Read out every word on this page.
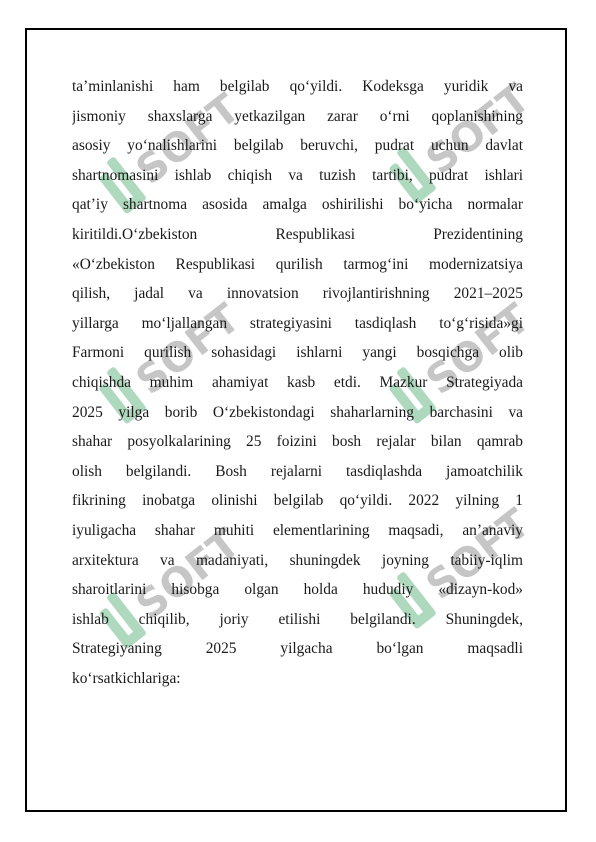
SOFT	SOFT
SOFT	SOFT
SOFT	SOFT
ta’minlanishi ham belgilab qo‘yildi. Kodeksga yuridik va
jismoniy shaxslarga yetkazilgan zarar o‘rni qoplanishining
asosiy yo‘nalishlarini belgilab beruvchi, pudrat uchun davlat
shartnomasini ishlab chiqish va tuzish tartibi, pudrat ishlari
qat’iy shartnoma asosida amalga oshirilishi bo‘yicha normalar
kiritildi.O‘zbekiston Respublikasi Prezidentining
«O‘zbekiston Respublikasi qurilish tarmog‘ini modernizatsiya
qilish, jadal va innovatsion rivojlantirishning 2021–2025
yillarga mo‘ljallangan strategiyasini tasdiqlash to‘g‘risida»gi
Farmoni qurilish sohasidagi ishlarni yangi bosqichga olib
chiqishda muhim ahamiyat kasb etdi. Mazkur Strategiyada
2025 yilga borib O‘zbekistondagi shaharlarning barchasini va
shahar posyolkalarining 25 foizini bosh rejalar bilan qamrab
olish belgilandi. Bosh rejalarni tasdiqlashda jamoatchilik
fikrining inobatga olinishi belgilab qo‘yildi. 2022 yilning 1
iyuligacha shahar muhiti elementlarining maqsadi, an’anaviy
arxitektura va madaniyati, shuningdek joyning tabiiy-iqlim
sharoitlarini hisobga olgan holda hududiy «dizayn-kod»
ishlab chiqilib, joriy etilishi belgilandi. Shuningdek,
Strategiyaning 2025 yilgacha bo‘lgan maqsadli
ko‘rsatkichlariga:
